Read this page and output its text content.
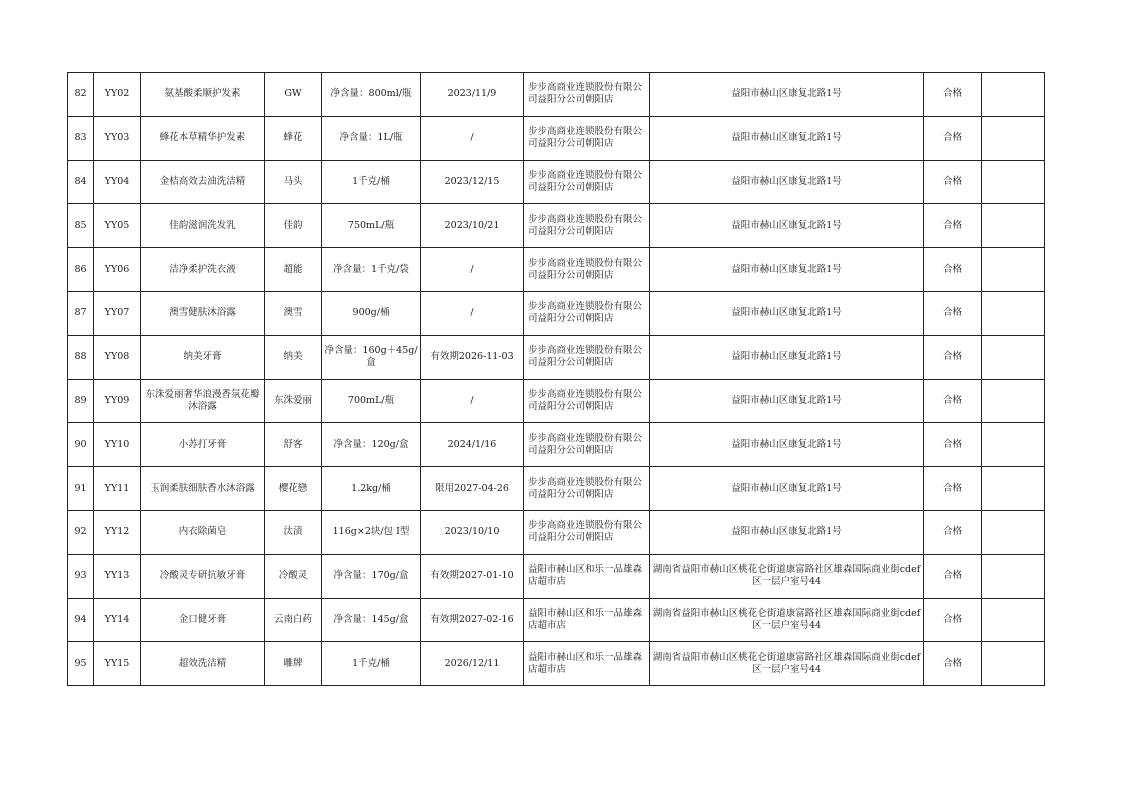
82	YY02	氨基酸柔顺护发素	GW	净含量：800ml/瓶	2023/11/9	步步高商业连锁股份有限公司益阳分公司朝阳店	益阳市赫山区康复北路1号	合格	
83	YY03	蜂花本草精华护发素	蜂花	净含量：1L/瓶	/	步步高商业连锁股份有限公司益阳分公司朝阳店	益阳市赫山区康复北路1号	合格	
84	YY04	金桔高效去油洗洁精	马头	1千克/桶	2023/12/15	步步高商业连锁股份有限公司益阳分公司朝阳店	益阳市赫山区康复北路1号	合格	
85	YY05	佳韵滋润洗发乳	佳韵	750mL/瓶	2023/10/21	步步高商业连锁股份有限公司益阳分公司朝阳店	益阳市赫山区康复北路1号	合格	
86	YY06	洁净柔护洗衣液	超能	净含量：1千克/袋	/	步步高商业连锁股份有限公司益阳分公司朝阳店	益阳市赫山区康复北路1号	合格	
87	YY07	澳雪健肤沐浴露	澳雪	900g/桶	/	步步高商业连锁股份有限公司益阳分公司朝阳店	益阳市赫山区康复北路1号	合格	
88	YY08	纳美牙膏	纳美	净含量：160g＋45g/盒	有效期2026-11-03	步步高商业连锁股份有限公司益阳分公司朝阳店	益阳市赫山区康复北路1号	合格	
89	YY09	东洙爱丽奢华浪漫香氛花瓣沐浴露	东洙爱丽	700mL/瓶	/	步步高商业连锁股份有限公司益阳分公司朝阳店	益阳市赫山区康复北路1号	合格	
90	YY10	小苏打牙膏	舒客	净含量：120g/盒	2024/1/16	步步高商业连锁股份有限公司益阳分公司朝阳店	益阳市赫山区康复北路1号	合格	
91	YY11	玉润柔肤细肤香水沐浴露	樱花戀	1.2kg/桶	限用2027-04-26	步步高商业连锁股份有限公司益阳分公司朝阳店	益阳市赫山区康复北路1号	合格	
92	YY12	内衣除菌皂	汰渍	116g×2块/包 I型	2023/10/10	步步高商业连锁股份有限公司益阳分公司朝阳店	益阳市赫山区康复北路1号	合格	
93	YY13	冷酸灵专研抗敏牙膏	冷酸灵	净含量：170g/盒	有效期2027-01-10	益阳市赫山区和乐一品雄森店超市店	湖南省益阳市赫山区桃花仑街道康富路社区雄森国际商业街cdef区一层户室号44	合格	
94	YY14	金口健牙膏	云南白药	净含量：145g/盒	有效期2027-02-16	益阳市赫山区和乐一品雄森店超市店	湖南省益阳市赫山区桃花仑街道康富路社区雄森国际商业街cdef区一层户室号44	合格	
95	YY15	超效洗洁精	雕牌	1千克/桶	2026/12/11	益阳市赫山区和乐一品雄森店超市店	湖南省益阳市赫山区桃花仑街道康富路社区雄森国际商业街cdef区一层户室号44	合格	
